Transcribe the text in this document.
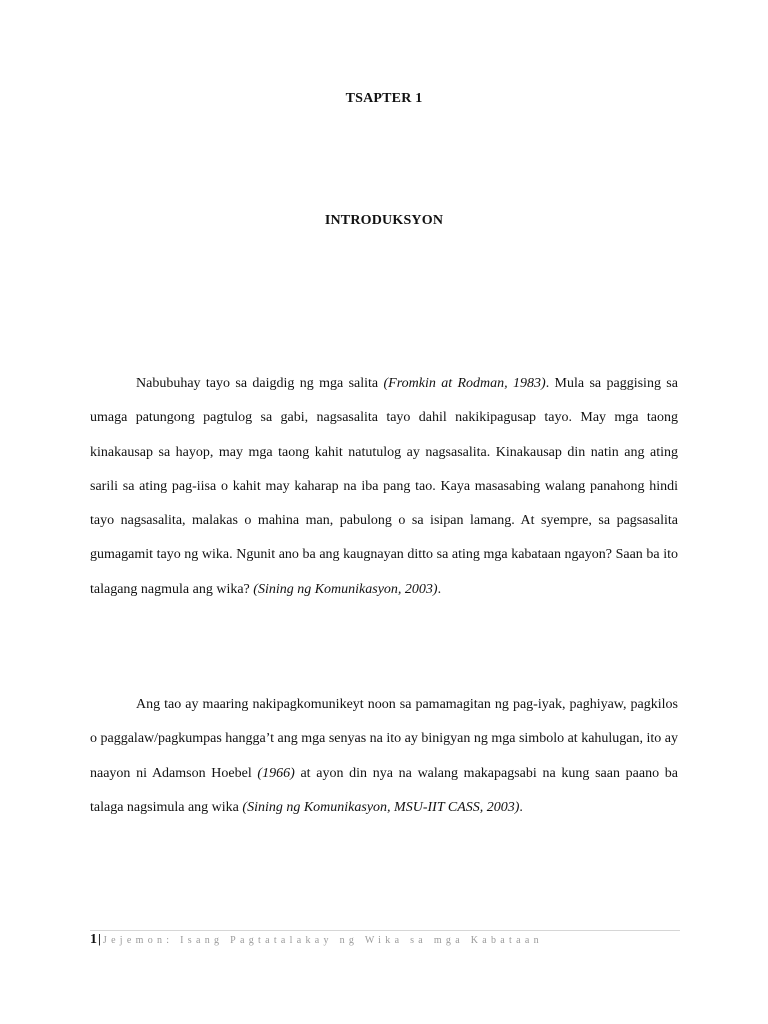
TSAPTER 1
INTRODUKSYON

Nabubuhay tayo sa daigdig ng mga salita (Fromkin at Rodman, 1983). Mula sa paggising sa umaga patungong pagtulog sa gabi, nagsasalita tayo dahil nakikipagusap tayo. May mga taong kinakausap sa hayop, may mga taong kahit natutulog ay nagsasalita. Kinakausap din natin ang ating sarili sa ating pag-iisa o kahit may kaharap na iba pang tao. Kaya masasabing walang panahong hindi tayo nagsasalita, malakas o mahina man, pabulong o sa isipan lamang. At syempre, sa pagsasalita gumagamit tayo ng wika. Ngunit ano ba ang kaugnayan ditto sa ating mga kabataan ngayon? Saan ba ito talagang nagmula ang wika? (Sining ng Komunikasyon, 2003).

Ang tao ay maaring nakipagkomunikeyt noon sa pamamagitan ng pag-iyak, paghiyaw, pagkilos o paggalaw/pagkumpas hangga’t ang mga senyas na ito ay binigyan ng mga simbolo at kahulugan, ito ay naayon ni Adamson Hoebel (1966) at ayon din nya na walang makapagsabi na kung saan paano ba talaga nagsimula ang wika (Sining ng Komunikasyon, MSU-IIT CASS, 2003).

1| Jejemon: Isang Pagtatalakay ng Wika sa mga Kabataan
